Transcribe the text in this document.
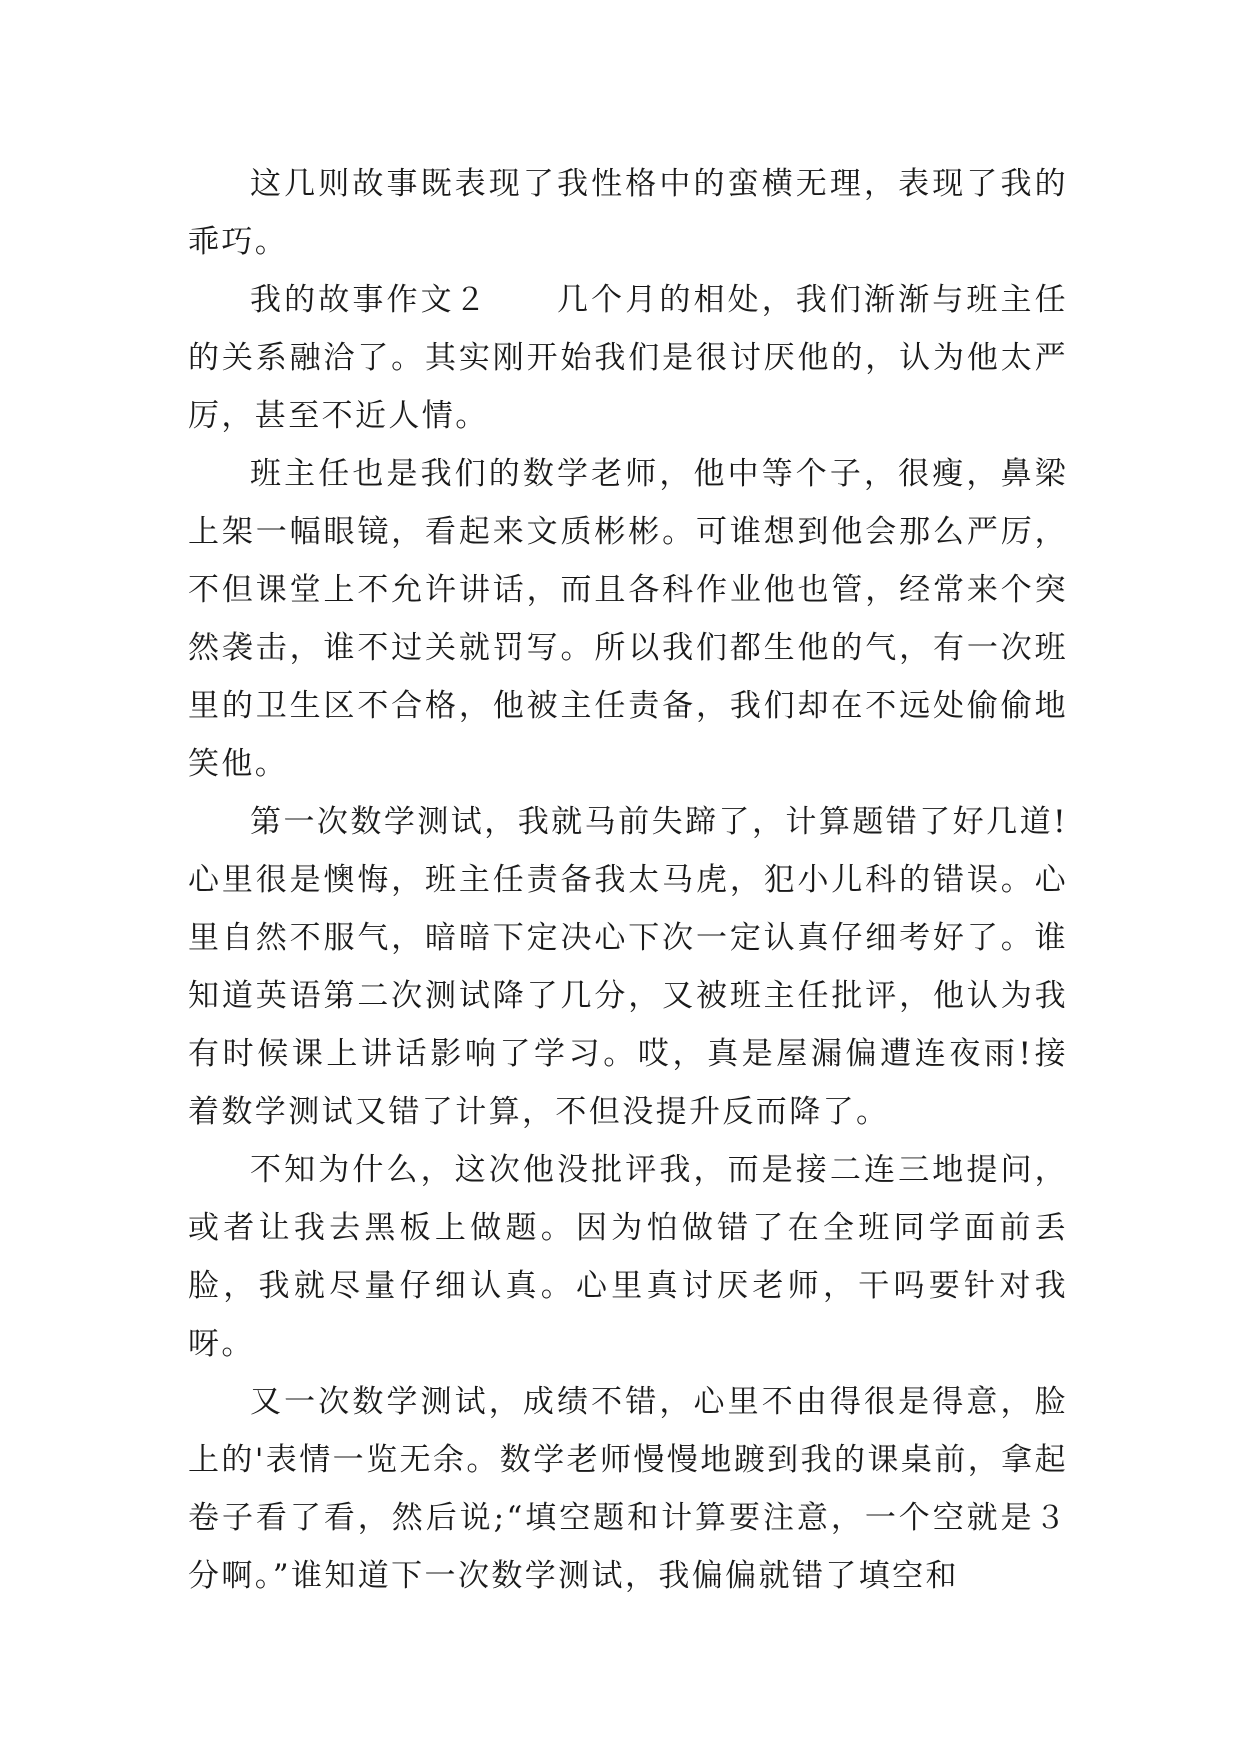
这几则故事既表现了我性格中的蛮横无理，表现了我的乖巧。

我的故事作文２　　几个月的相处，我们渐渐与班主任的关系融洽了。其实刚开始我们是很讨厌他的，认为他太严厉，甚至不近人情。

班主任也是我们的数学老师，他中等个子，很瘦，鼻梁上架一幅眼镜，看起来文质彬彬。可谁想到他会那么严厉，不但课堂上不允许讲话，而且各科作业他也管，经常来个突然袭击，谁不过关就罚写。所以我们都生他的气，有一次班里的卫生区不合格，他被主任责备，我们却在不远处偷偷地笑他。

第一次数学测试，我就马前失蹄了，计算题错了好几道!心里很是懊悔，班主任责备我太马虎，犯小儿科的错误。心里自然不服气，暗暗下定决心下次一定认真仔细考好了。谁知道英语第二次测试降了几分，又被班主任批评，他认为我有时候课上讲话影响了学习。哎，真是屋漏偏遭连夜雨!接着数学测试又错了计算，不但没提升反而降了。

不知为什么，这次他没批评我，而是接二连三地提问，或者让我去黑板上做题。因为怕做错了在全班同学面前丢脸，我就尽量仔细认真。心里真讨厌老师，干吗要针对我呀。

又一次数学测试，成绩不错，心里不由得很是得意，脸上的'表情一览无余。数学老师慢慢地踱到我的课桌前，拿起卷子看了看，然后说;“填空题和计算要注意，一个空就是３分啊。”谁知道下一次数学测试，我偏偏就错了填空和
